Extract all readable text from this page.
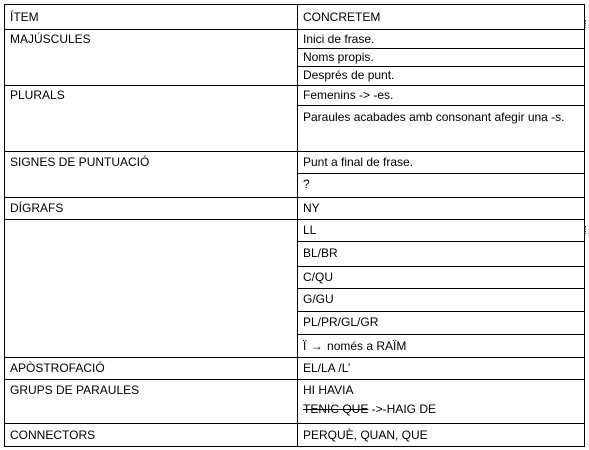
ÍTEM	CONCRETEM
MAJÚSCULES	Inici de frase.
Noms propis.
Després de punt.
PLURALS	Femenins -> -es.
Paraules acabades amb consonant afegir una -s.
SIGNES DE PUNTUACIÓ	Punt a final de frase.
?
DÍGRAFS	NY
LL
BL/BR
C/QU
G/GU
PL/PR/GL/GR
Ï → només a RAÏM
APÒSTROFACIÓ	EL/LA /L’
GRUPS DE PARAULES	HI HAVIA
TENIC QUE ->-HAIG DE
CONNECTORS	PERQUÈ, QUAN, QUE
